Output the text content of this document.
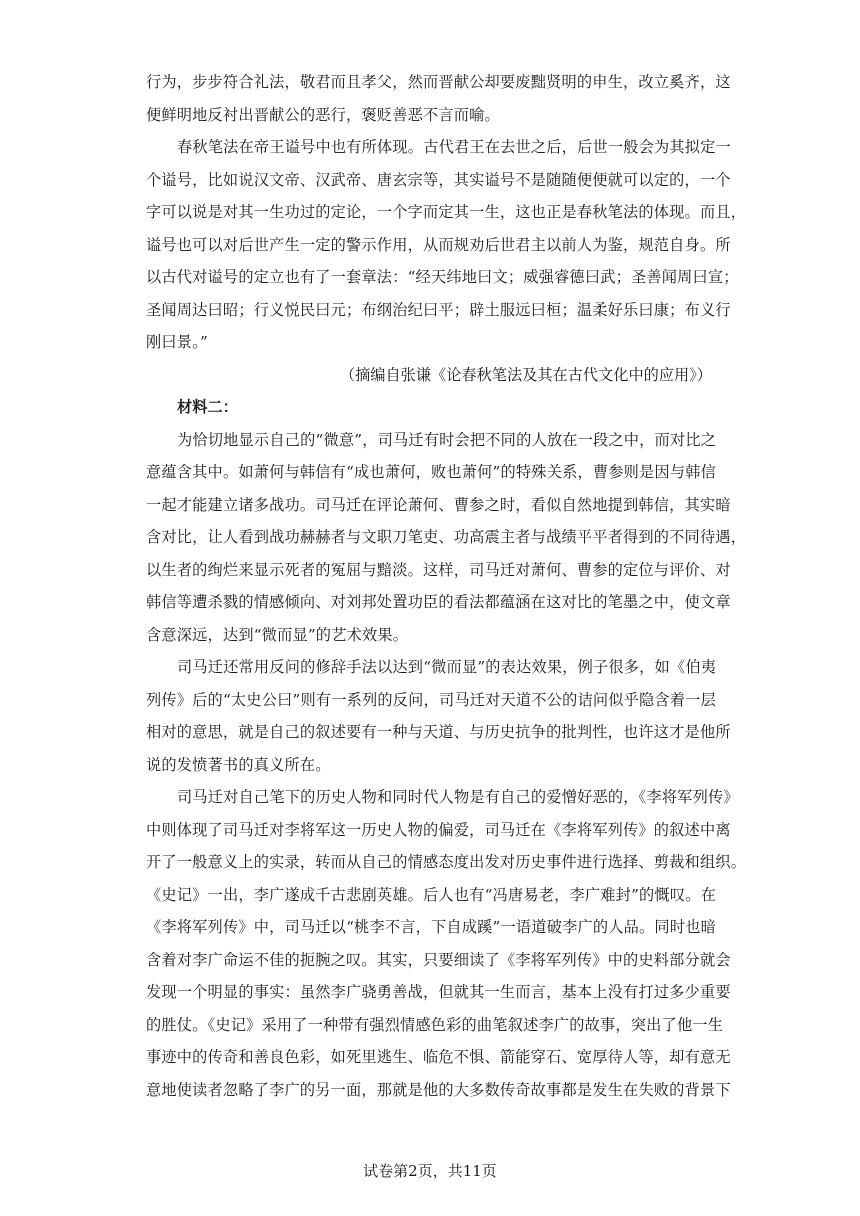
行为，步步符合礼法，敬君而且孝父，然而晋献公却要废黜贤明的申生，改立奚齐，这
便鲜明地反衬出晋献公的恶行，褒贬善恶不言而喻。
春秋笔法在帝王谥号中也有所体现。古代君王在去世之后，后世一般会为其拟定一
个谥号，比如说汉文帝、汉武帝、唐玄宗等，其实谥号不是随随便便就可以定的，一个
字可以说是对其一生功过的定论，一个字而定其一生，这也正是春秋笔法的体现。而且，
谥号也可以对后世产生一定的警示作用，从而规劝后世君主以前人为鉴，规范自身。所
以古代对谥号的定立也有了一套章法：“经天纬地曰文；威强睿德曰武；圣善闻周曰宣；
圣闻周达曰昭；行义悦民曰元；布纲治纪曰平；辟土服远曰桓；温柔好乐曰康；布义行
刚曰景。”
（摘编自张谦《论春秋笔法及其在古代文化中的应用》）
材料二：
为恰切地显示自己的“微意”，司马迁有时会把不同的人放在一段之中，而对比之
意蕴含其中。如萧何与韩信有“成也萧何，败也萧何”的特殊关系，曹参则是因与韩信
一起才能建立诸多战功。司马迁在评论萧何、曹参之时，看似自然地提到韩信，其实暗
含对比，让人看到战功赫赫者与文职刀笔吏、功高震主者与战绩平平者得到的不同待遇，
以生者的绚烂来显示死者的冤屈与黯淡。这样，司马迁对萧何、曹参的定位与评价、对
韩信等遭杀戮的情感倾向、对刘邦处置功臣的看法都蕴涵在这对比的笔墨之中，使文章
含意深远，达到“微而显”的艺术效果。
司马迁还常用反问的修辞手法以达到“微而显”的表达效果，例子很多，如《伯夷
列传》后的“太史公曰”则有一系列的反问，司马迁对天道不公的诘问似乎隐含着一层
相对的意思，就是自己的叙述要有一种与天道、与历史抗争的批判性，也许这才是他所
说的发愤著书的真义所在。
司马迁对自己笔下的历史人物和同时代人物是有自己的爱憎好恶的，《李将军列传》
中则体现了司马迁对李将军这一历史人物的偏爱，司马迁在《李将军列传》的叙述中离
开了一般意义上的实录，转而从自己的情感态度出发对历史事件进行选择、剪裁和组织。
《史记》一出，李广遂成千古悲剧英雄。后人也有“冯唐易老，李广难封”的慨叹。在
《李将军列传》中，司马迁以“桃李不言，下自成蹊”一语道破李广的人品。同时也暗
含着对李广命运不佳的扼腕之叹。其实，只要细读了《李将军列传》中的史料部分就会
发现一个明显的事实：虽然李广骁勇善战，但就其一生而言，基本上没有打过多少重要
的胜仗。《史记》采用了一种带有强烈情感色彩的曲笔叙述李广的故事，突出了他一生
事迹中的传奇和善良色彩，如死里逃生、临危不惧、箭能穿石、宽厚待人等，却有意无
意地使读者忽略了李广的另一面，那就是他的大多数传奇故事都是发生在失败的背景下
试卷第2页，共11页
